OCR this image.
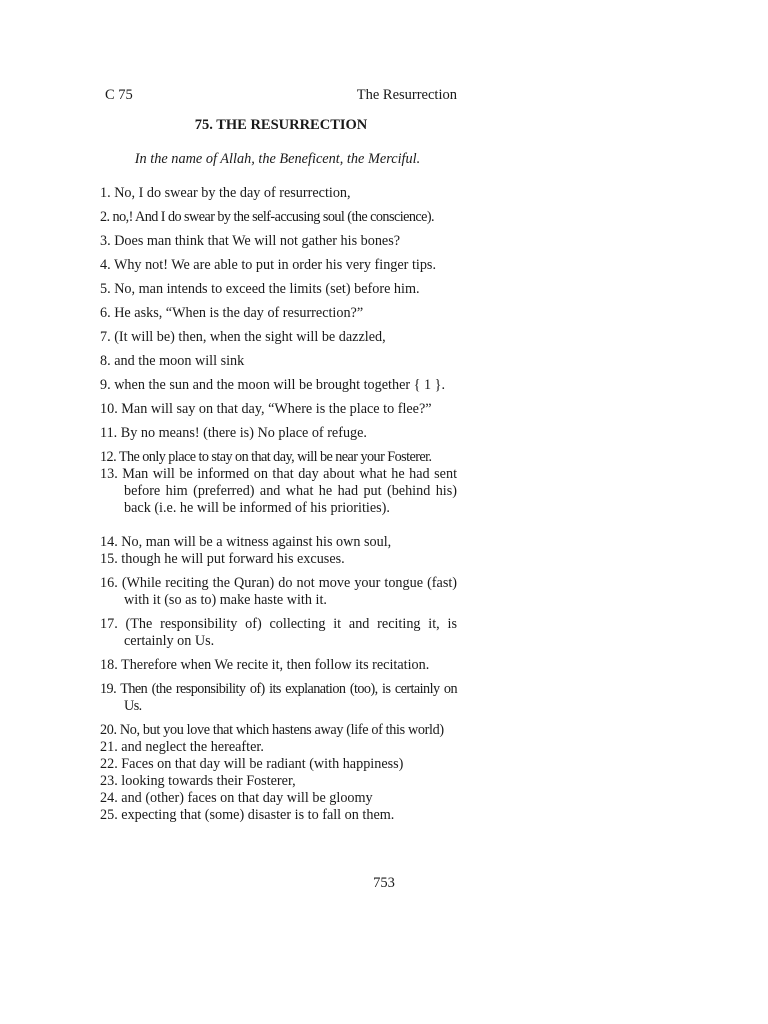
C 75	The Resurrection
75. THE RESURRECTION
In the name of Allah, the Beneficent, the Merciful.
1. No, I do swear by the day of resurrection,
2. no,! And I do swear by the self-accusing soul (the conscience).
3. Does man think that We will not gather his bones?
4. Why not! We are able to put in order his very finger tips.
5. No, man intends to exceed the limits (set) before him.
6. He asks, “When is the day of resurrection?”
7. (It will be) then, when the sight will be dazzled,
8. and the moon will sink
9. when the sun and the moon will be brought together { 1 }.
10. Man will say on that day, “Where is the place to flee?”
11. By no means! (there is) No place of refuge.
12. The only place to stay on that day, will be near your Fosterer.
13. Man will be informed on that day about what he had sent before him (preferred) and what he had put (behind his) back (i.e. he will be informed of his priorities).
14. No, man will be a witness against his own soul,
15. though he will put forward his excuses.
16. (While reciting the Quran) do not move your tongue (fast) with it (so as to) make haste with it.
17. (The responsibility of) collecting it and reciting it, is certainly on Us.
18. Therefore when We recite it, then follow its recitation.
19. Then (the responsibility of) its explanation (too), is certainly on Us.
20. No, but you love that which hastens away (life of this world)
21. and neglect the hereafter.
22. Faces on that day will be radiant (with happiness)
23. looking towards their Fosterer,
24. and (other) faces on that day will be gloomy
25. expecting that (some) disaster is to fall on them.
753
